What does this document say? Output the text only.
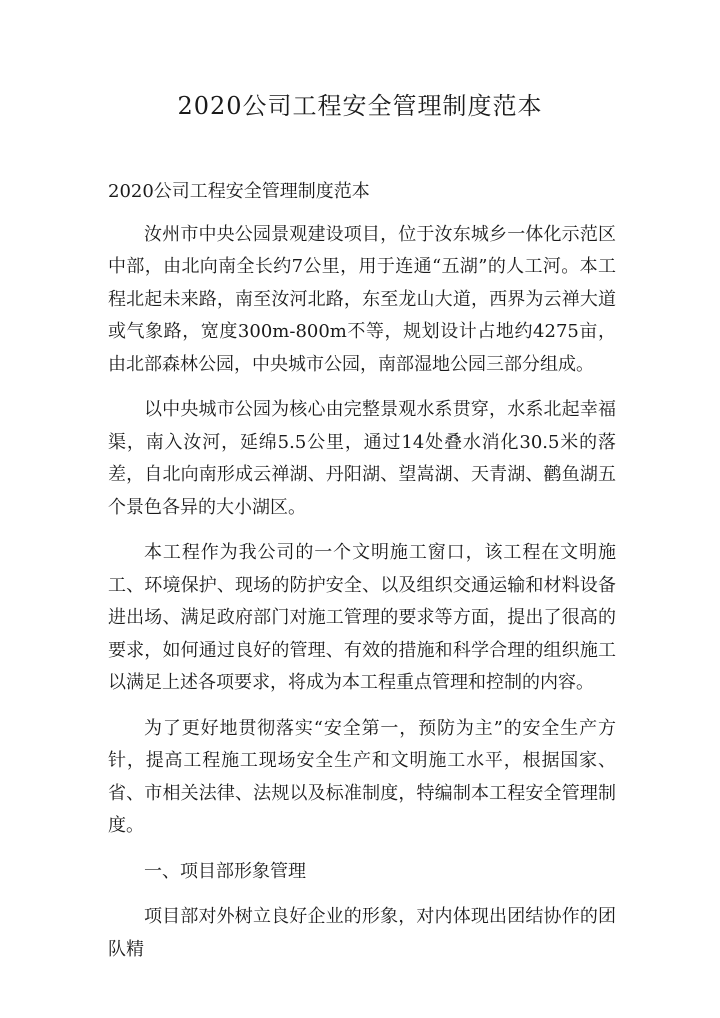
2020公司工程安全管理制度范本

2020公司工程安全管理制度范本

汝州市中央公园景观建设项目，位于汝东城乡一体化示范区中部，由北向南全长约7公里，用于连通“五湖”的人工河。本工程北起未来路，南至汝河北路，东至龙山大道，西界为云禅大道或气象路，宽度300m-800m不等，规划设计占地约4275亩，由北部森林公园，中央城市公园，南部湿地公园三部分组成。

以中央城市公园为核心由完整景观水系贯穿，水系北起幸福渠，南入汝河，延绵5.5公里，通过14处叠水消化30.5米的落差，自北向南形成云禅湖、丹阳湖、望嵩湖、天青湖、鹳鱼湖五个景色各异的大小湖区。

本工程作为我公司的一个文明施工窗口，该工程在文明施工、环境保护、现场的防护安全、以及组织交通运输和材料设备进出场、满足政府部门对施工管理的要求等方面，提出了很高的要求，如何通过良好的管理、有效的措施和科学合理的组织施工以满足上述各项要求，将成为本工程重点管理和控制的内容。

为了更好地贯彻落实“安全第一，预防为主”的安全生产方针，提高工程施工现场安全生产和文明施工水平，根据国家、省、市相关法律、法规以及标准制度，特编制本工程安全管理制度。

一、项目部形象管理

项目部对外树立良好企业的形象，对内体现出团结协作的团队精
